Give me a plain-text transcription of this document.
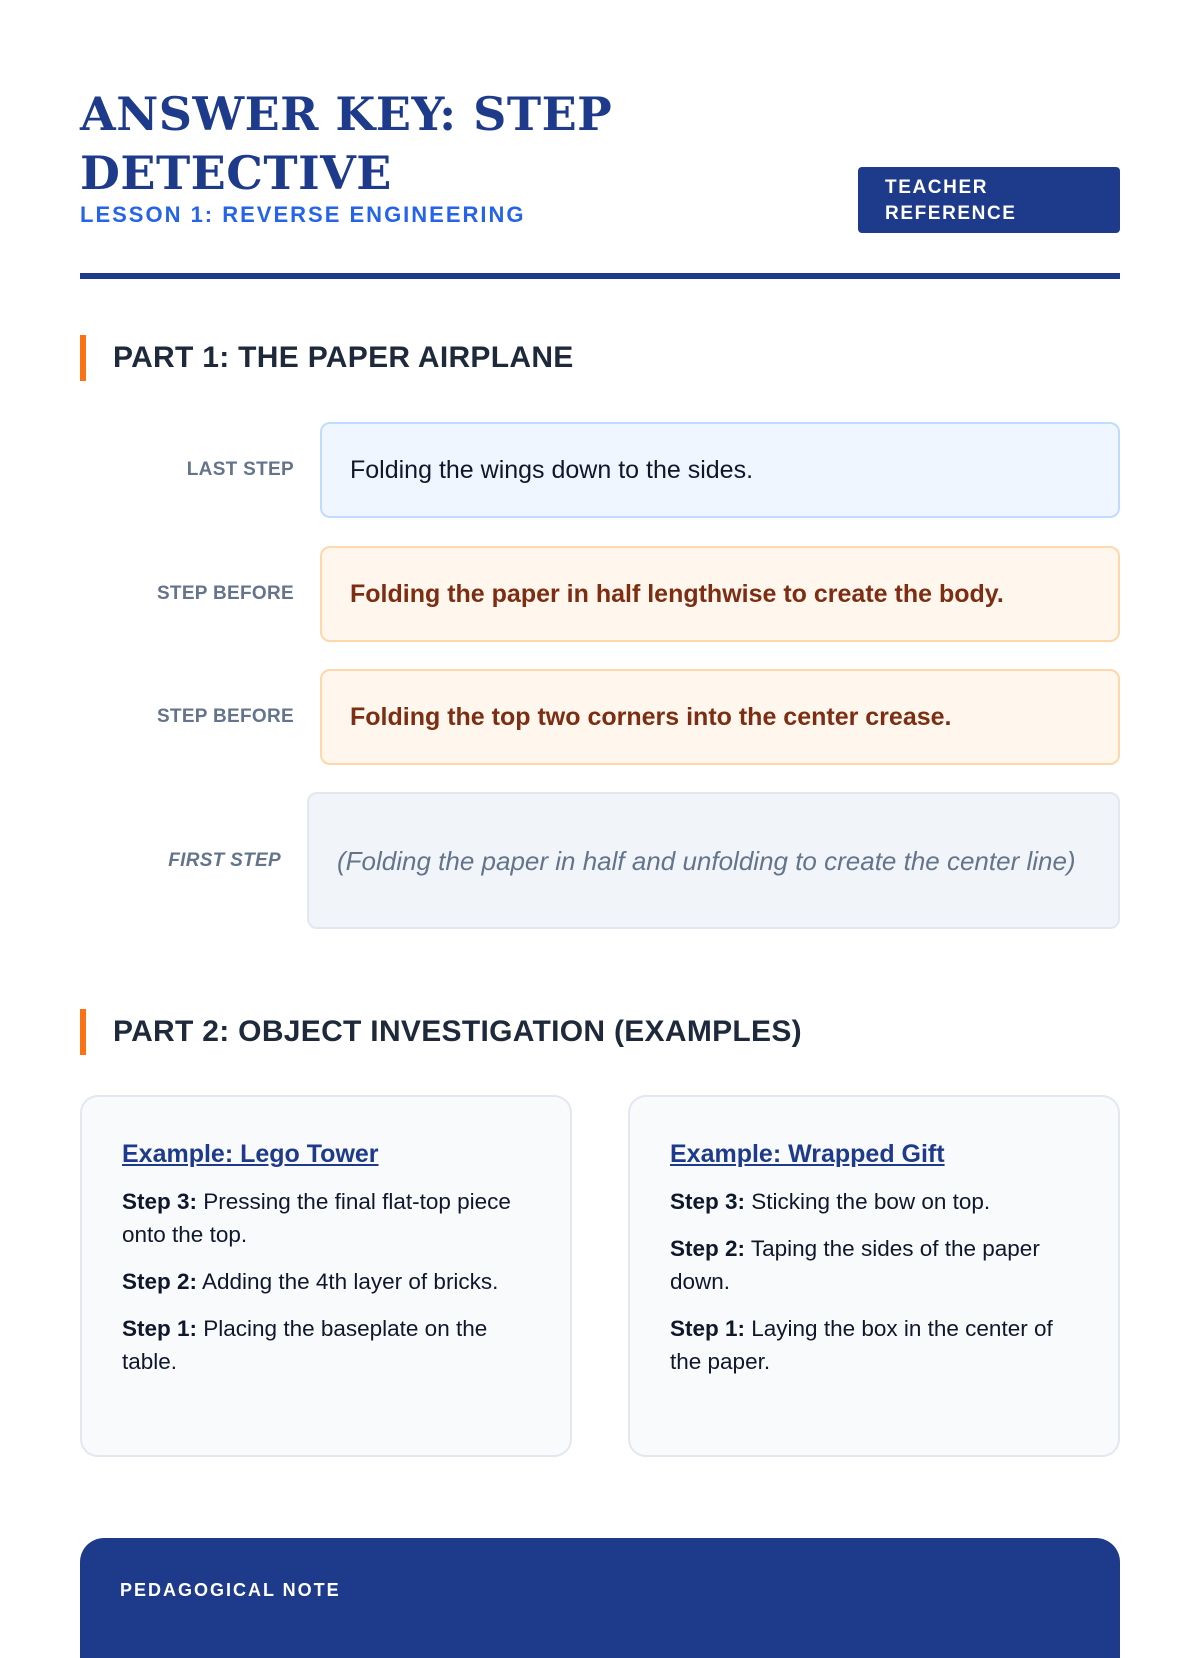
ANSWER KEY: STEP DETECTIVE
LESSON 1: REVERSE ENGINEERING
TEACHER REFERENCE
PART 1: THE PAPER AIRPLANE
LAST STEP	Folding the wings down to the sides.
STEP BEFORE	Folding the paper in half lengthwise to create the body.
STEP BEFORE	Folding the top two corners into the center crease.
FIRST STEP	(Folding the paper in half and unfolding to create the center line)
PART 2: OBJECT INVESTIGATION (EXAMPLES)
Example: Lego Tower

Step 3: Pressing the final flat-top piece onto the top.

Step 2: Adding the 4th layer of bricks.

Step 1: Placing the baseplate on the table.

Example: Wrapped Gift

Step 3: Sticking the bow on top.

Step 2: Taping the sides of the paper down.

Step 1: Laying the box in the center of the paper.

PEDAGOGICAL NOTE
